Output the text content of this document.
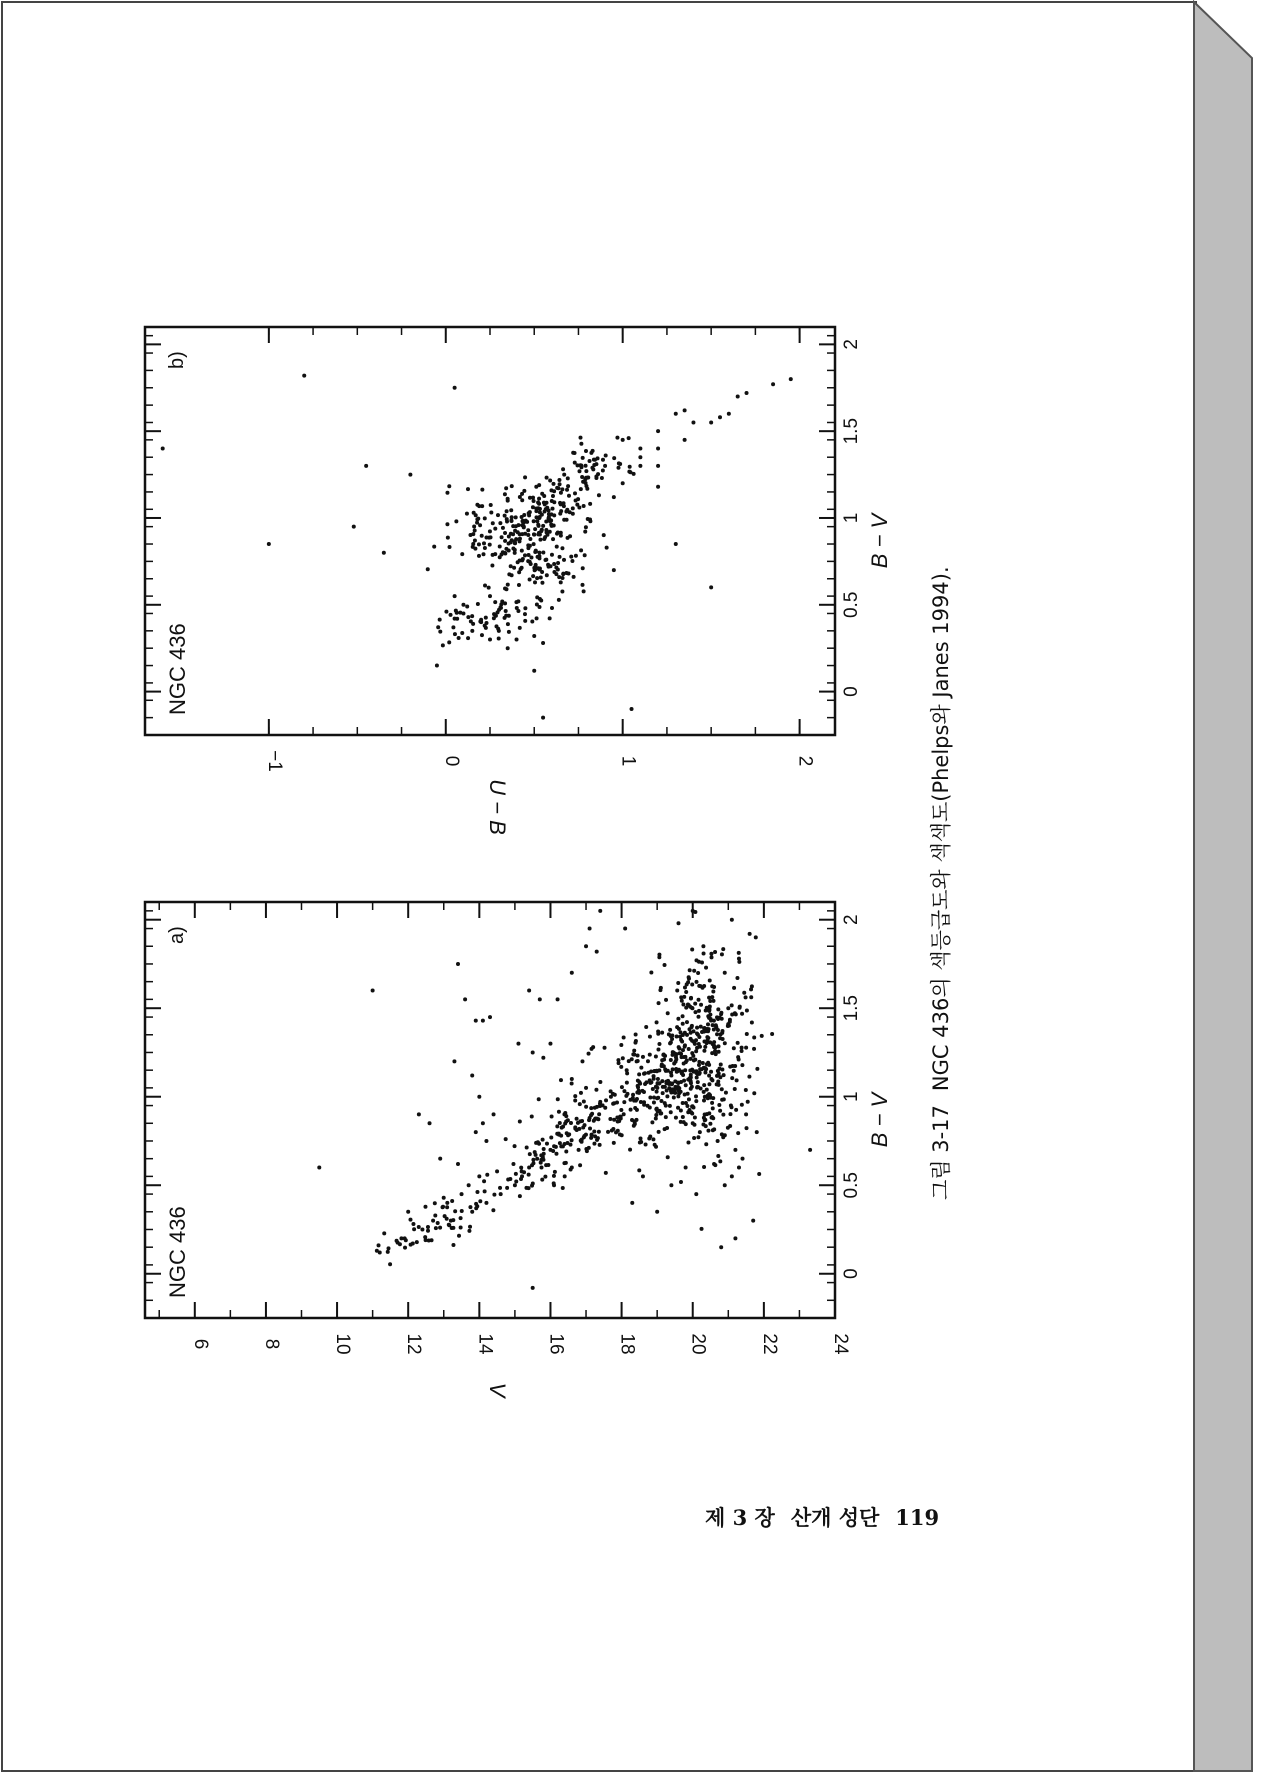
0
0.5
1
1.5
2
6	8	10	12	14	16	18	20	22	24
B − V
V
a)
NGC 436
0
0.5
1
1.5
2
−1	0	1	2
B − V
U − B
b)
NGC 436
그림 3-17NGC 436의 색등급도와 색색도(Phelps와 Janes 1994).
제 3 장 산개 성단 119
